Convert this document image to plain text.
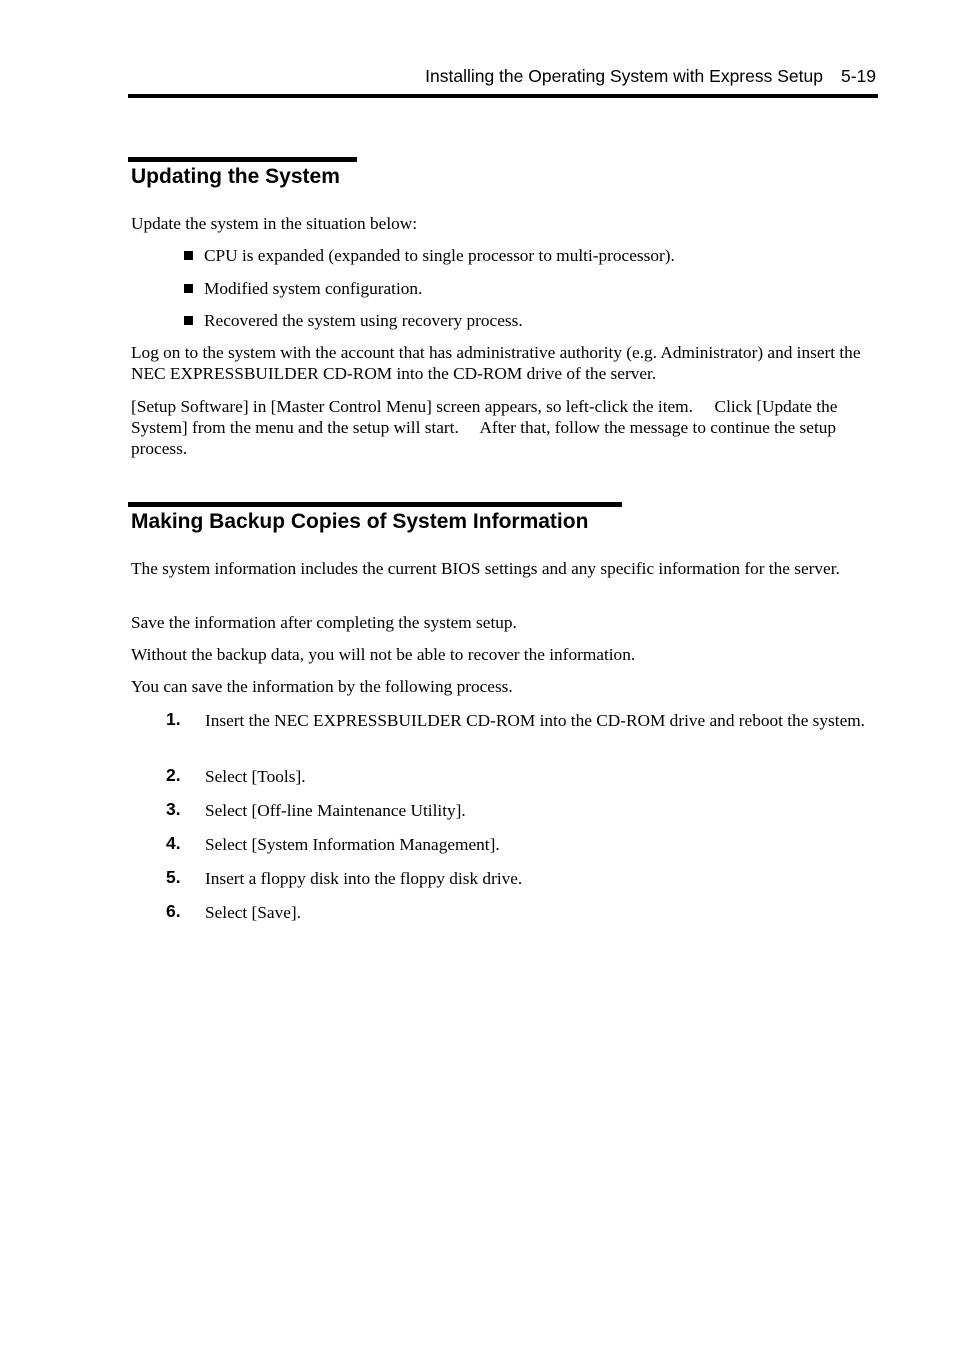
Installing the Operating System with Express Setup 5-19
Updating the System
Update the system in the situation below:
CPU is expanded (expanded to single processor to multi-processor).
Modified system configuration.
Recovered the system using recovery process.
Log on to the system with the account that has administrative authority (e.g. Administrator) and insert the NEC EXPRESSBUILDER CD-ROM into the CD-ROM drive of the server.
[Setup Software] in [Master Control Menu] screen appears, so left-click the item.  Click [Update the System] from the menu and the setup will start.  After that, follow the message to continue the setup process.
Making Backup Copies of System Information
The system information includes the current BIOS settings and any specific information for the server.
Save the information after completing the system setup.
Without the backup data, you will not be able to recover the information.
You can save the information by the following process.
1. Insert the NEC EXPRESSBUILDER CD-ROM into the CD-ROM drive and reboot the system.
2. Select [Tools].
3. Select [Off-line Maintenance Utility].
4. Select [System Information Management].
5. Insert a floppy disk into the floppy disk drive.
6. Select [Save].
